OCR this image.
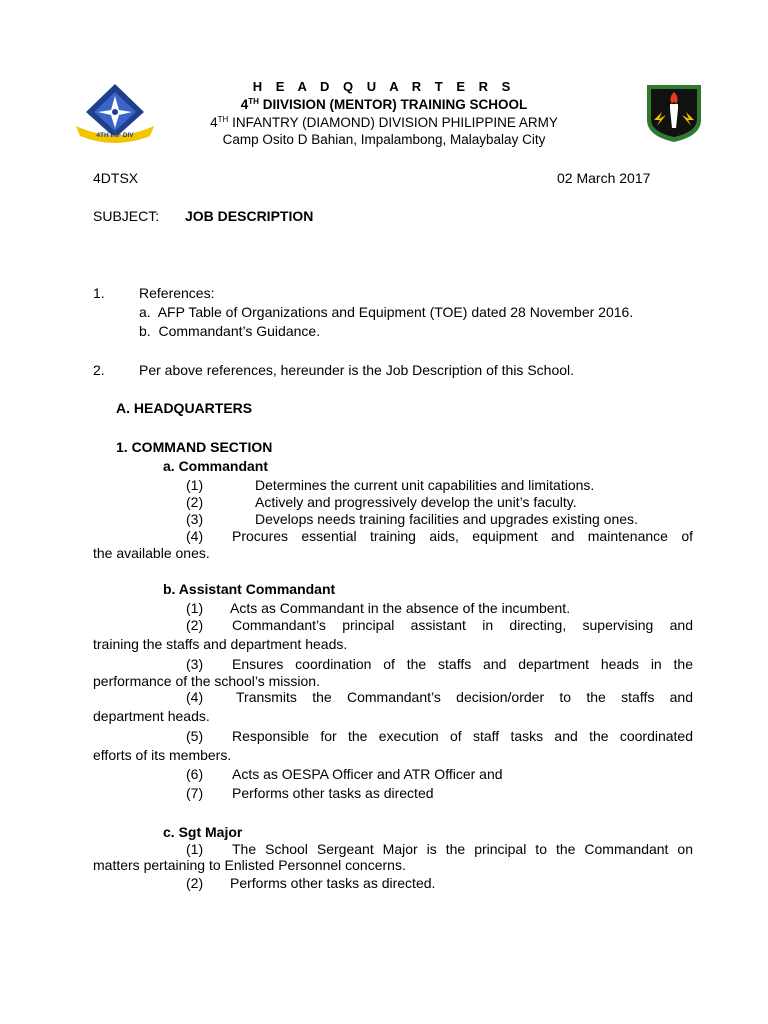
4TH INF DIV

H E A D Q U A R T E R S

4TH DIIVISION (MENTOR) TRAINING SCHOOL

4TH INFANTRY (DIAMOND) DIVISION PHILIPPINE ARMY

Camp Osito D Bahian, Impalambong, Malaybalay City

4DTSX	02 March 2017

SUBJECT: JOB DESCRIPTION

1. References:

a. AFP Table of Organizations and Equipment (TOE) dated 28 November 2016.

b. Commandant’s Guidance.

2. Per above references, hereunder is the Job Description of this School.

A. HEADQUARTERS

1. COMMAND SECTION

a. Commandant

(1)	Determines the current unit capabilities and limitations.

(2)	Actively and progressively develop the unit’s faculty.

(3)	Develops needs training facilities and upgrades existing ones.

(4) Procures essential training aids, equipment and maintenance of

the available ones.

b. Assistant Commandant

(1) Acts as Commandant in the absence of the incumbent.

(2) Commandant’s principal assistant in directing, supervising and

training the staffs and department heads.

(3) Ensures coordination of the staffs and department heads in the

performance of the school’s mission.

(4) Transmits the Commandant’s decision/order to the staffs and

department heads.

(5) Responsible for the execution of staff tasks and the coordinated

efforts of its members.

(6) Acts as OESPA Officer and ATR Officer and

(7) Performs other tasks as directed

c. Sgt Major

(1) The School Sergeant Major is the principal to the Commandant on

matters pertaining to Enlisted Personnel concerns.

(2) Performs other tasks as directed.
